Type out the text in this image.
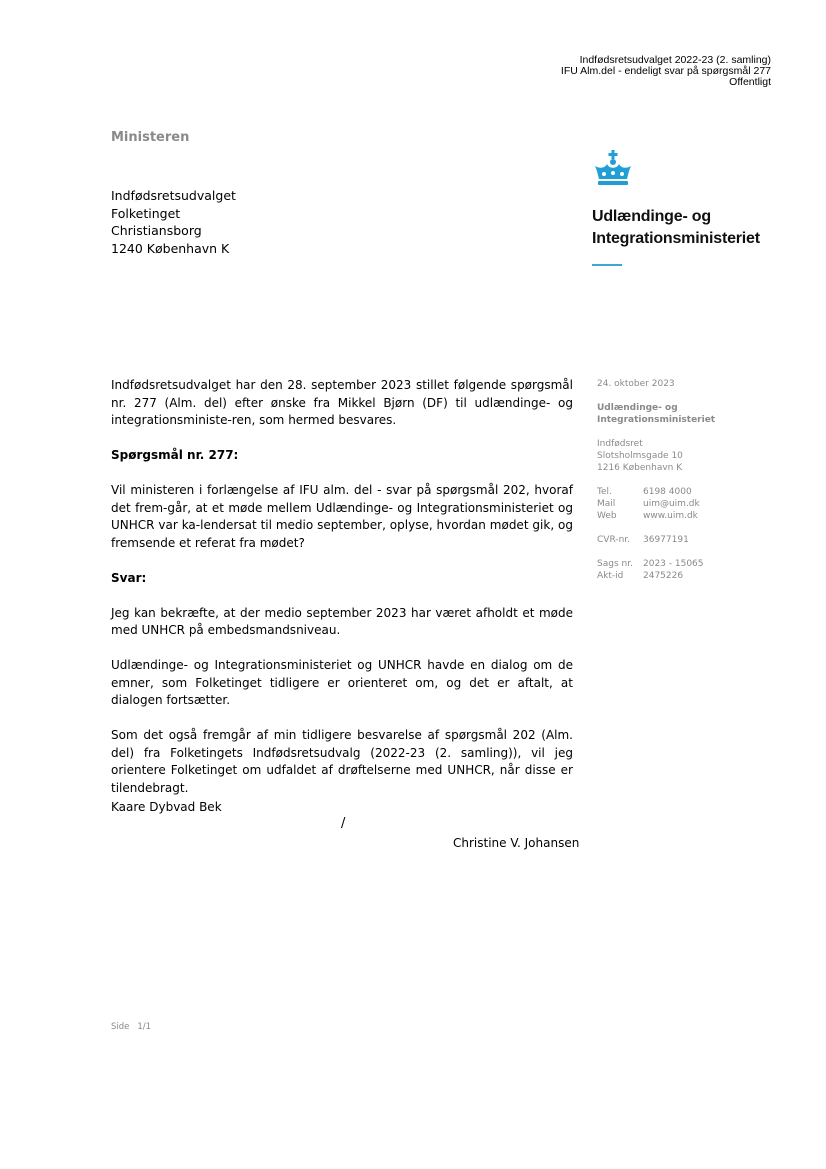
Indfødsretsudvalget 2022-23 (2. samling)
IFU Alm.del - endeligt svar på spørgsmål 277
Offentligt
Ministeren
Indfødsretsudvalget
Folketinget
Christiansborg
1240 København K
Udlændinge- og
Integrationsministeriet

Indfødsretsudvalget har den 28. september 2023 stillet følgende spørgsmål nr. 277 (Alm. del) efter ønske fra Mikkel Bjørn (DF) til udlændinge- og integrationsministe-ren, som hermed besvares.

Spørgsmål nr. 277:

Vil ministeren i forlængelse af IFU alm. del - svar på spørgsmål 202, hvoraf det frem-går, at et møde mellem Udlændinge- og Integrationsministeriet og UNHCR var ka-lendersat til medio september, oplyse, hvordan mødet gik, og fremsende et referat fra mødet?

Svar:

Jeg kan bekræfte, at der medio september 2023 har været afholdt et møde med UNHCR på embedsmandsniveau.

Udlændinge- og Integrationsministeriet og UNHCR havde en dialog om de emner, som Folketinget tidligere er orienteret om, og det er aftalt, at dialogen fortsætter.

Som det også fremgår af min tidligere besvarelse af spørgsmål 202 (Alm. del) fra Folketingets Indfødsretsudvalg (2022-23 (2. samling)), vil jeg orientere Folketinget om udfaldet af drøftelserne med UNHCR, når disse er tilendebragt.

24. oktober 2023
Udlændinge- og
Integrationsministeriet
Indfødsret
Slotsholmsgade 10
1216 København K
Tel.	6198 4000
Mail	uim@uim.dk
Web	www.uim.dk
CVR-nr.	36977191
Sags nr.	2023 - 15065
Akt-id	2475226
Kaare Dybvad Bek
/
Christine V. Johansen
Side 1/1
